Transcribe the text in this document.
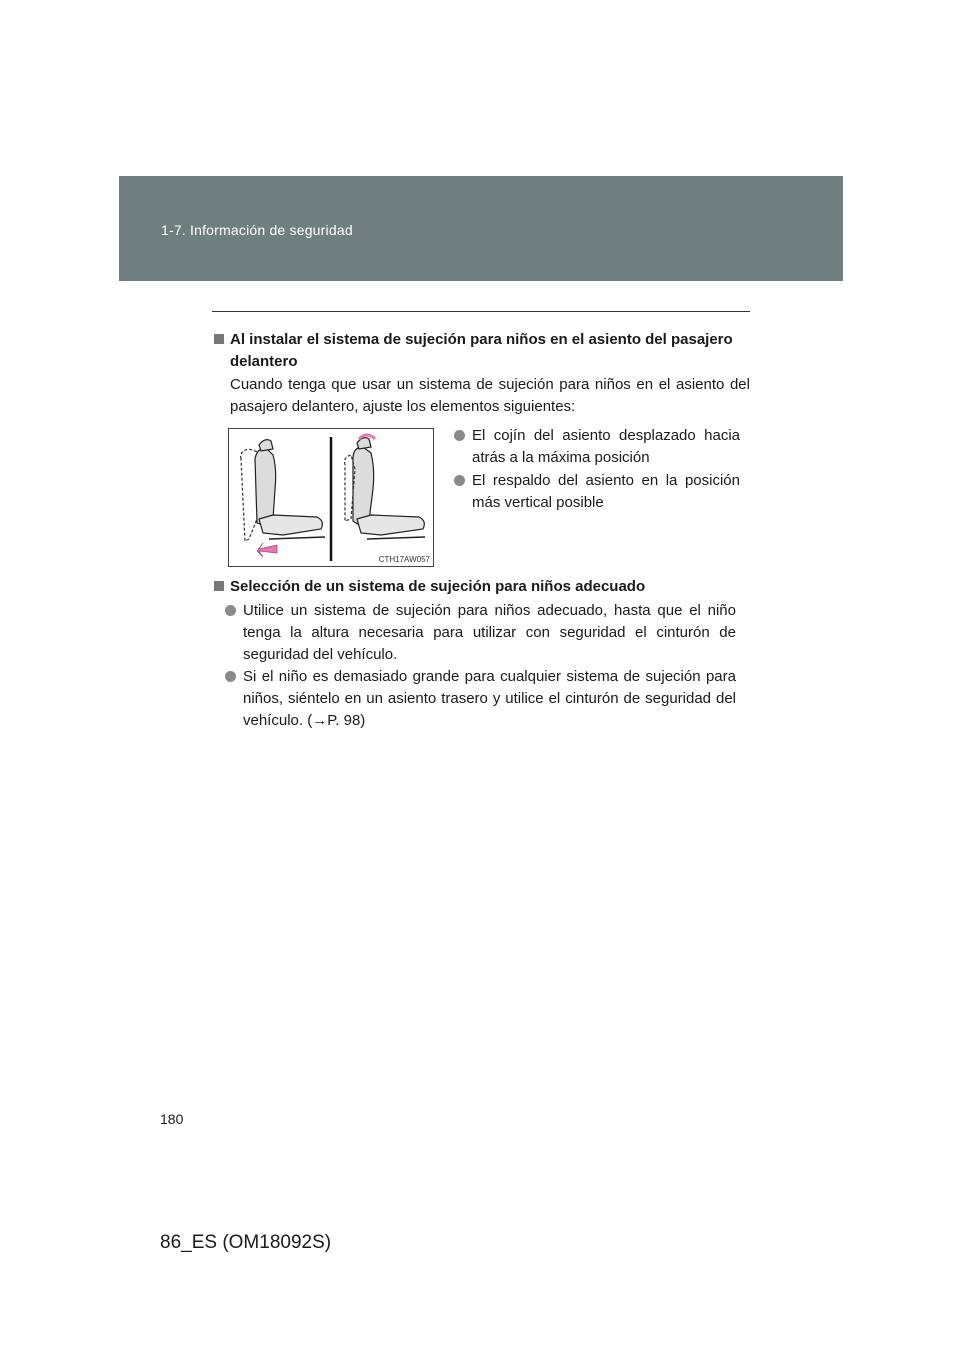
1-7. Información de seguridad
Al instalar el sistema de sujeción para niños en el asiento del pasajero delantero
Cuando tenga que usar un sistema de sujeción para niños en el asiento del pasajero delantero, ajuste los elementos siguientes:
CTH17AW057
El cojín del asiento desplazado hacia atrás a la máxima posición
El respaldo del asiento en la posición más vertical posible
Selección de un sistema de sujeción para niños adecuado
Utilice un sistema de sujeción para niños adecuado, hasta que el niño tenga la altura necesaria para utilizar con seguridad el cinturón de seguridad del vehículo.
Si el niño es demasiado grande para cualquier sistema de sujeción para niños, siéntelo en un asiento trasero y utilice el cinturón de seguridad del vehículo. (→P. 98)
180
86_ES (OM18092S)
